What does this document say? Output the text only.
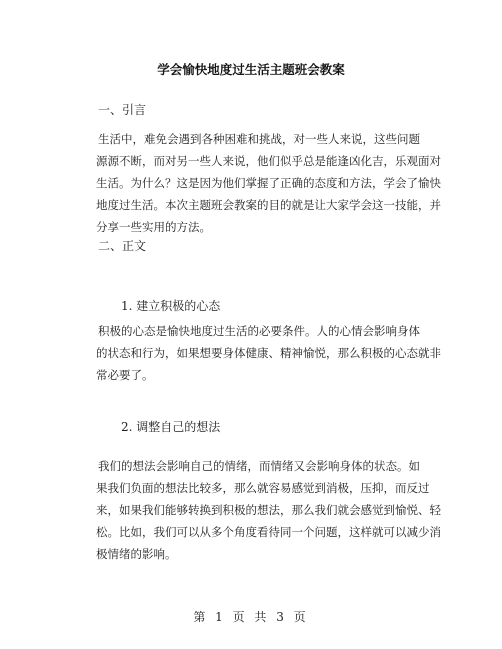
学会愉快地度过生活主题班会教案
一、引言
生活中，难免会遇到各种困难和挑战，对一些人来说，这些问题
源源不断，而对另一些人来说，他们似乎总是能逢凶化吉，乐观面对
生活。为什么？这是因为他们掌握了正确的态度和方法，学会了愉快
地度过生活。本次主题班会教案的目的就是让大家学会这一技能，并
分享一些实用的方法。
二、正文
1. 建立积极的心态
积极的心态是愉快地度过生活的必要条件。人的心情会影响身体
的状态和行为，如果想要身体健康、精神愉悦，那么积极的心态就非
常必要了。
2. 调整自己的想法
我们的想法会影响自己的情绪，而情绪又会影响身体的状态。如
果我们负面的想法比较多，那么就容易感觉到消极，压抑，而反过
来，如果我们能够转换到积极的想法，那么我们就会感觉到愉悦、轻
松。比如，我们可以从多个角度看待同一个问题，这样就可以减少消
极情绪的影响。
第 1 页 共 3 页
